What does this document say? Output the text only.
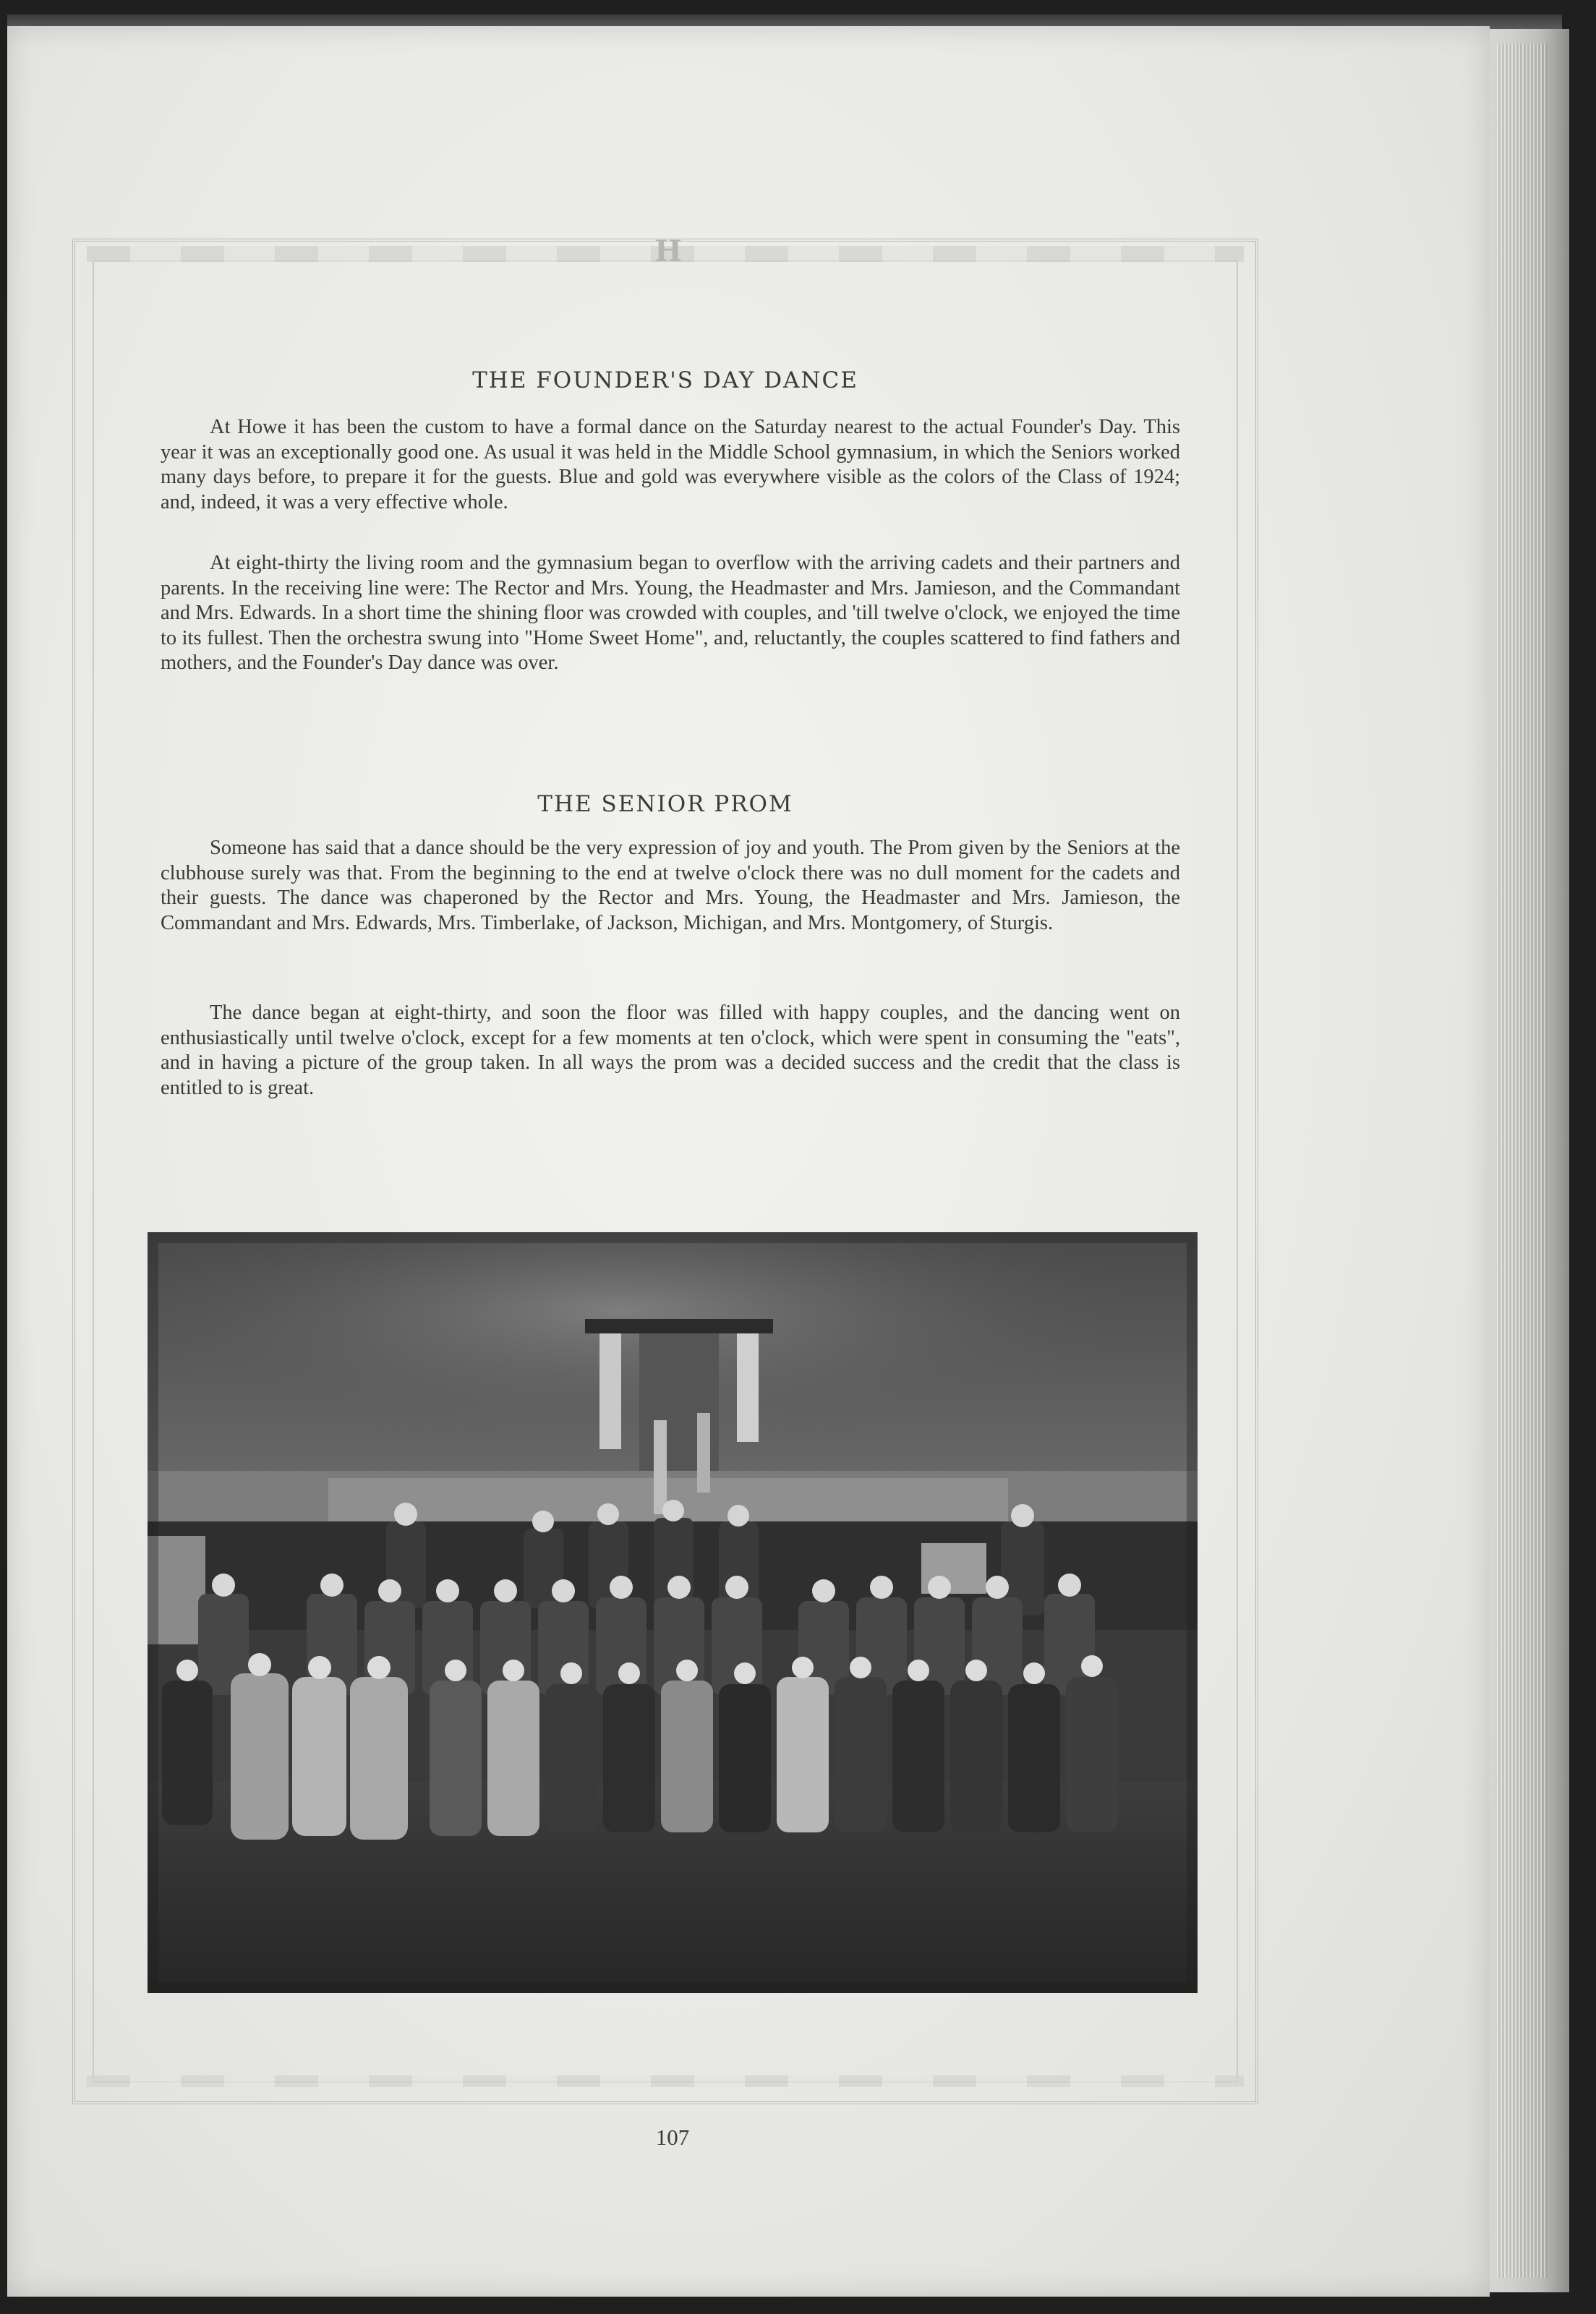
H
THE FOUNDER'S DAY DANCE

At Howe it has been the custom to have a formal dance on the Saturday nearest to the actual Founder's Day. This year it was an exceptionally good one. As usual it was held in the Middle School gymnasium, in which the Seniors worked many days before, to prepare it for the guests. Blue and gold was everywhere visible as the colors of the Class of 1924; and, indeed, it was a very effective whole.

At eight-thirty the living room and the gymnasium began to overflow with the arriving cadets and their partners and parents. In the receiving line were: The Rector and Mrs. Young, the Headmaster and Mrs. Jamieson, and the Commandant and Mrs. Edwards. In a short time the shining floor was crowded with couples, and 'till twelve o'clock, we enjoyed the time to its fullest. Then the orchestra swung into "Home Sweet Home", and, reluctantly, the couples scattered to find fathers and mothers, and the Founder's Day dance was over.

THE SENIOR PROM

Someone has said that a dance should be the very expression of joy and youth. The Prom given by the Seniors at the clubhouse surely was that. From the beginning to the end at twelve o'clock there was no dull moment for the cadets and their guests. The dance was chaperoned by the Rector and Mrs. Young, the Headmaster and Mrs. Jamieson, the Commandant and Mrs. Edwards, Mrs. Timberlake, of Jackson, Michigan, and Mrs. Montgomery, of Sturgis.

The dance began at eight-thirty, and soon the floor was filled with happy couples, and the dancing went on enthusiastically until twelve o'clock, except for a few moments at ten o'clock, which were spent in consuming the "eats", and in having a picture of the group taken. In all ways the prom was a decided success and the credit that the class is entitled to is great.

107
